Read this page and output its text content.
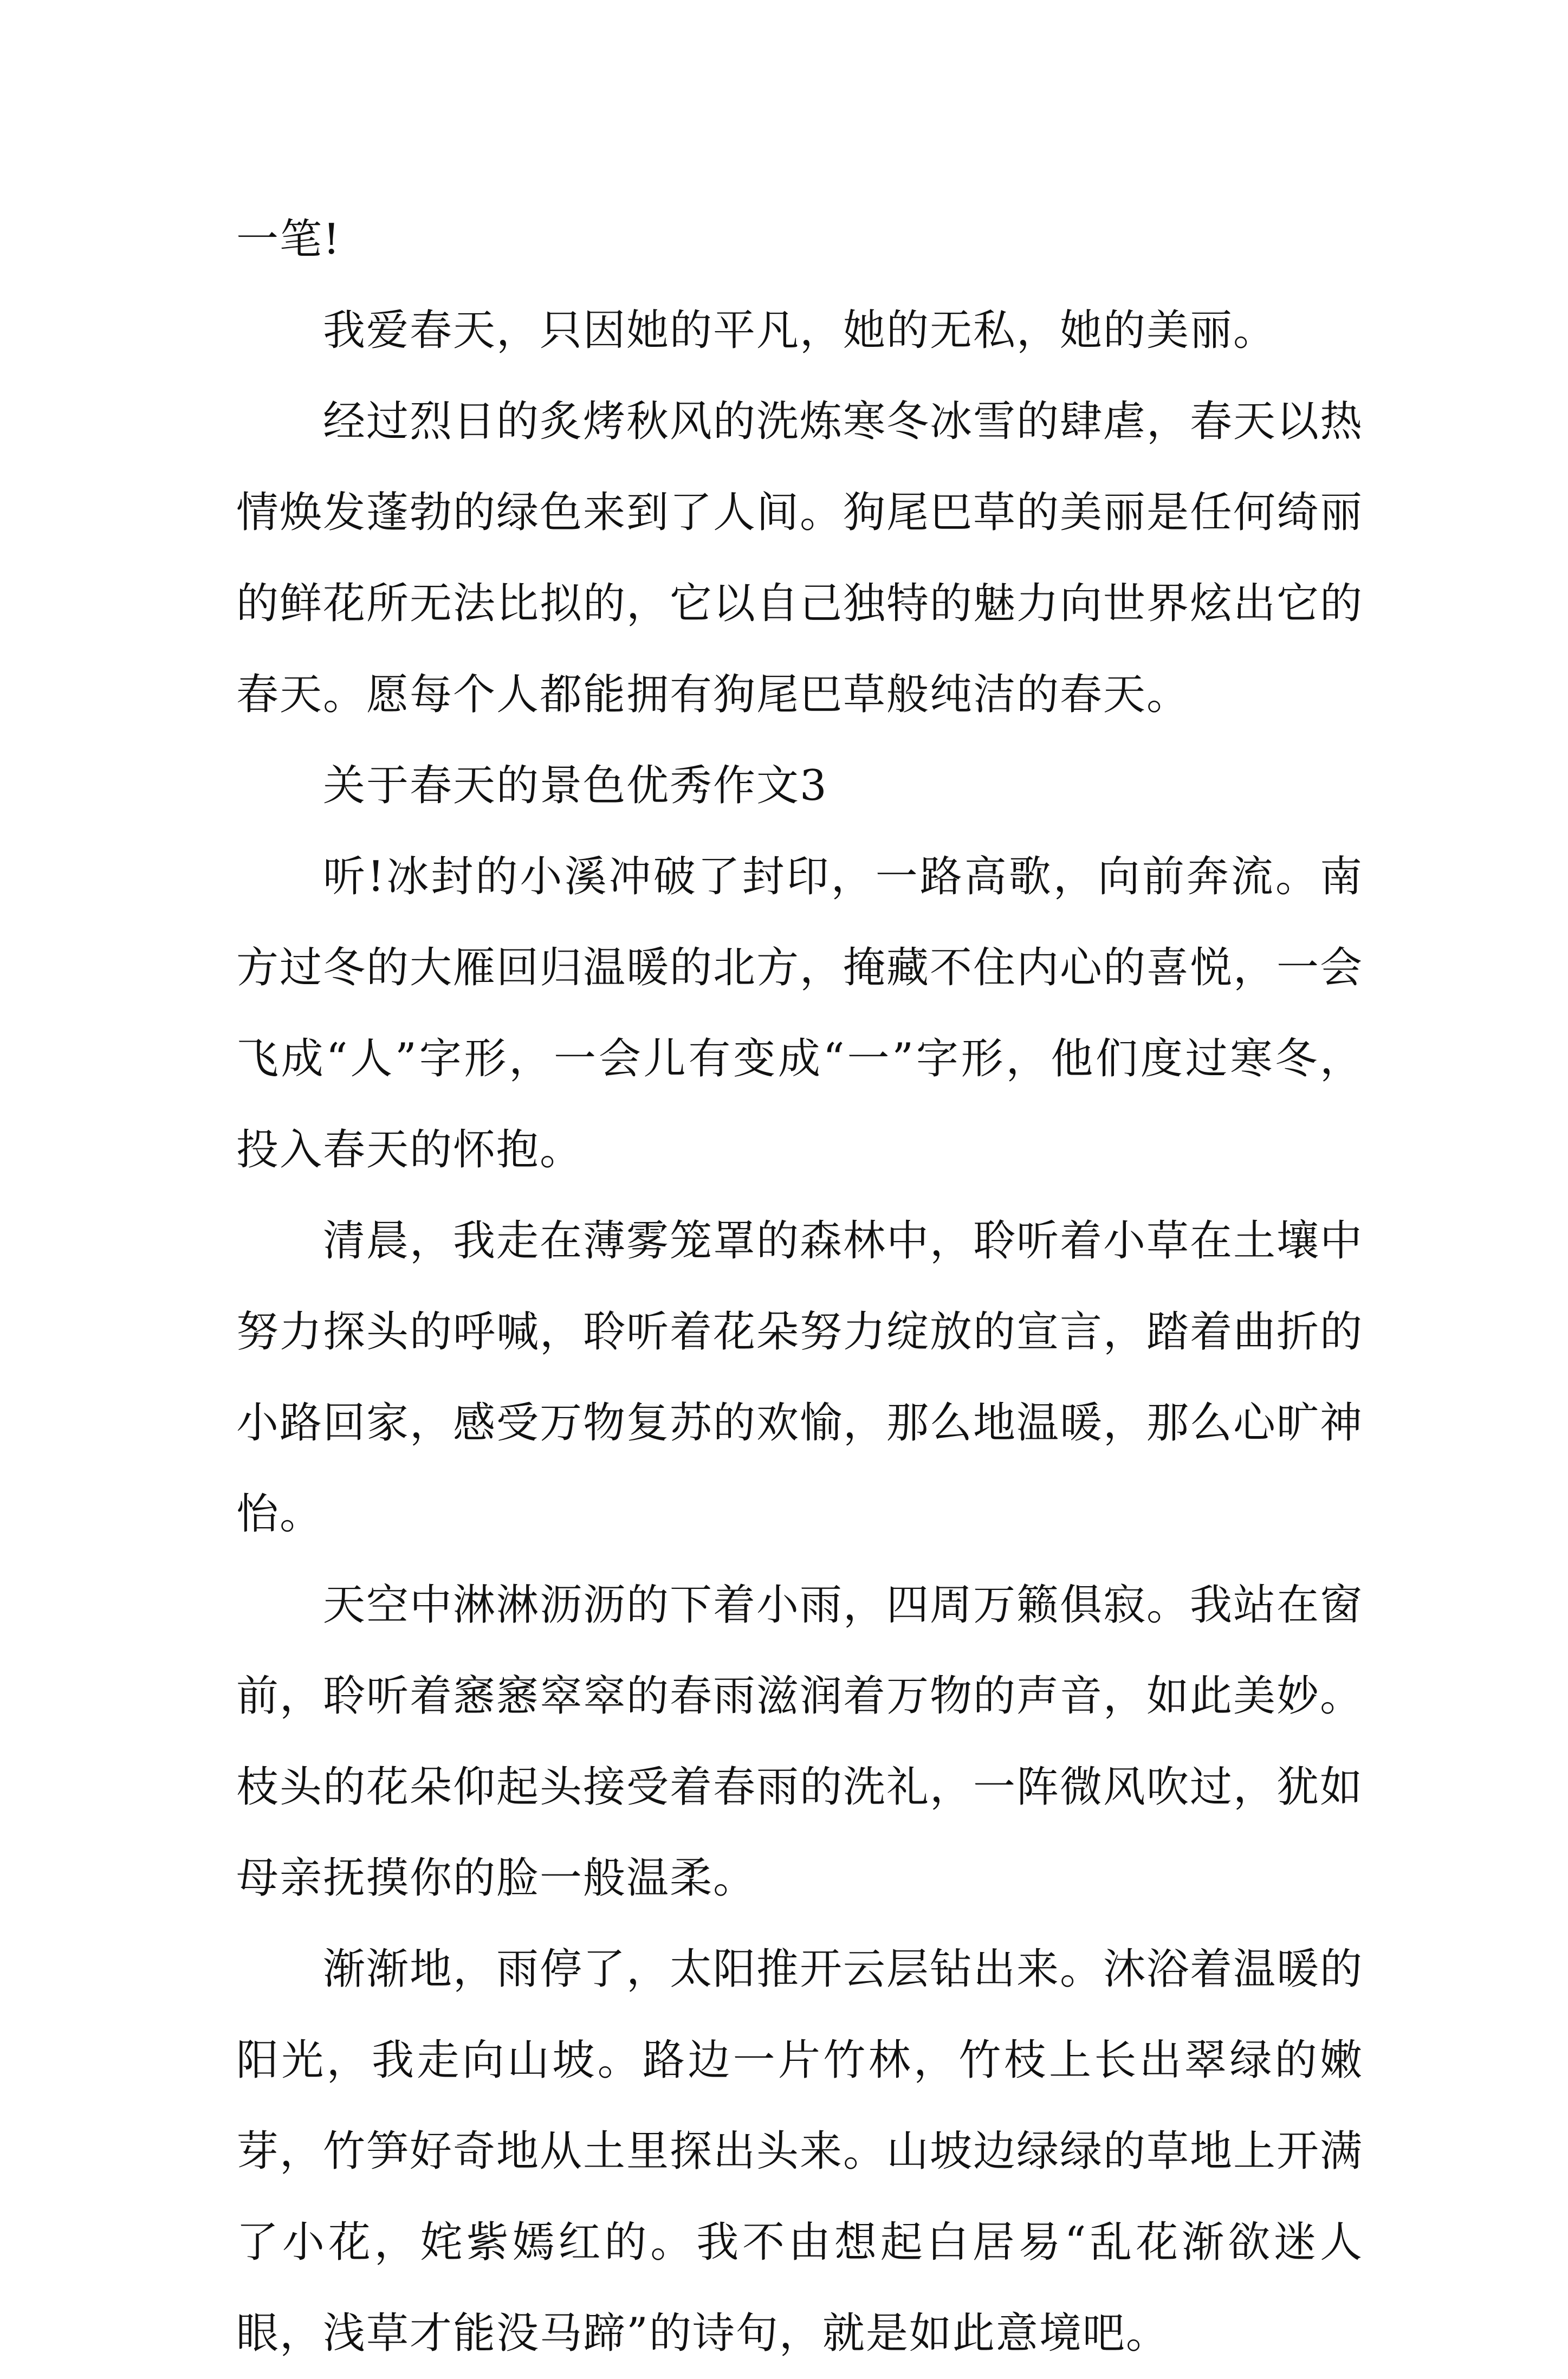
一笔!

我爱春天，只因她的平凡，她的无私，她的美丽。

经过烈日的炙烤秋风的洗炼寒冬冰雪的肆虐，春天以热情焕发蓬勃的绿色来到了人间。狗尾巴草的美丽是任何绮丽的鲜花所无法比拟的，它以自己独特的魅力向世界炫出它的春天。愿每个人都能拥有狗尾巴草般纯洁的春天。

关于春天的景色优秀作文3

听!冰封的小溪冲破了封印，一路高歌，向前奔流。南方过冬的大雁回归温暖的北方，掩藏不住内心的喜悦，一会飞成“人”字形，一会儿有变成“一”字形，他们度过寒冬，投入春天的怀抱。

清晨，我走在薄雾笼罩的森林中，聆听着小草在土壤中努力探头的呼喊，聆听着花朵努力绽放的宣言，踏着曲折的小路回家，感受万物复苏的欢愉，那么地温暖，那么心旷神怡。

天空中淋淋沥沥的下着小雨，四周万籁俱寂。我站在窗前，聆听着窸窸窣窣的春雨滋润着万物的声音，如此美妙。枝头的花朵仰起头接受着春雨的洗礼，一阵微风吹过，犹如母亲抚摸你的脸一般温柔。

渐渐地，雨停了，太阳推开云层钻出来。沐浴着温暖的阳光，我走向山坡。路边一片竹林，竹枝上长出翠绿的嫩芽，竹笋好奇地从土里探出头来。山坡边绿绿的草地上开满了小花，姹紫嫣红的。我不由想起白居易“乱花渐欲迷人眼，浅草才能没马蹄”的诗句，就是如此意境吧。
